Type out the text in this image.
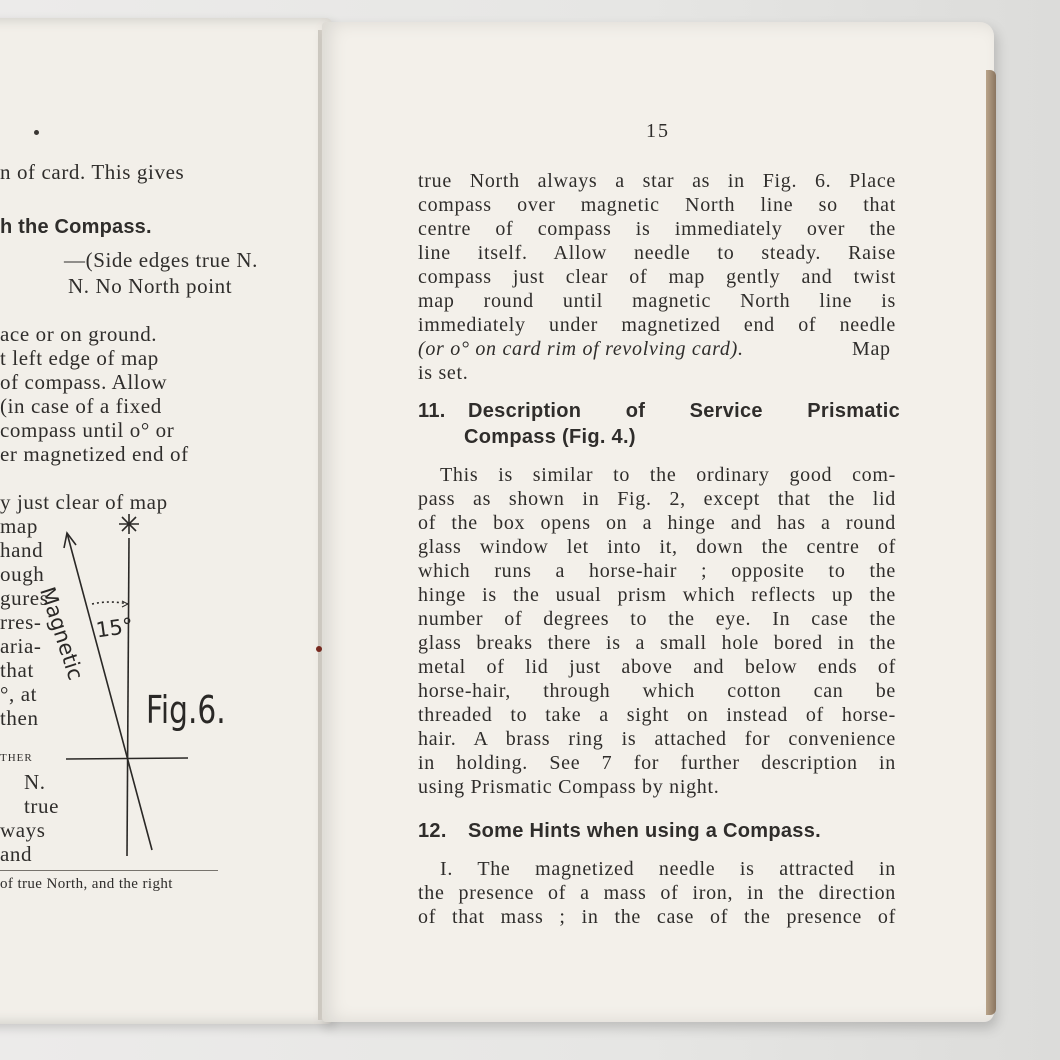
n of card. This gives
h the Compass.
—(Side edges true N.
N. No North point
ace or on ground.
t left edge of map
of compass. Allow
(in case of a fixed
compass until o° or
er magnetized end of
y just clear of map
map
hand
ough
gures
rres-
aria-
that
°, at
then
THER
N.
true
ways
and
of true North, and the right
Magnetic 15°
Fig.6.
15
true North always a star as in Fig. 6. Place
compass over magnetic North line so that
centre of compass is immediately over the
line itself. Allow needle to steady. Raise
compass just clear of map gently and twist
map round until magnetic North line is
immediately under magnetized end of needle
(or o° on card rim of revolving card).	Map
is set.
11. Description of Service Prismatic
Compass (Fig. 4.)
This is similar to the ordinary good com-
pass as shown in Fig. 2, except that the lid
of the box opens on a hinge and has a round
glass window let into it, down the centre of
which runs a horse-hair ; opposite to the
hinge is the usual prism which reflects up the
number of degrees to the eye. In case the
glass breaks there is a small hole bored in the
metal of lid just above and below ends of
horse-hair, through which cotton can be
threaded to take a sight on instead of horse-
hair. A brass ring is attached for convenience
in holding. See 7 for further description in
using Prismatic Compass by night.
12. Some Hints when using a Compass.
I. The magnetized needle is attracted in
the presence of a mass of iron, in the direction
of that mass ; in the case of the presence of
